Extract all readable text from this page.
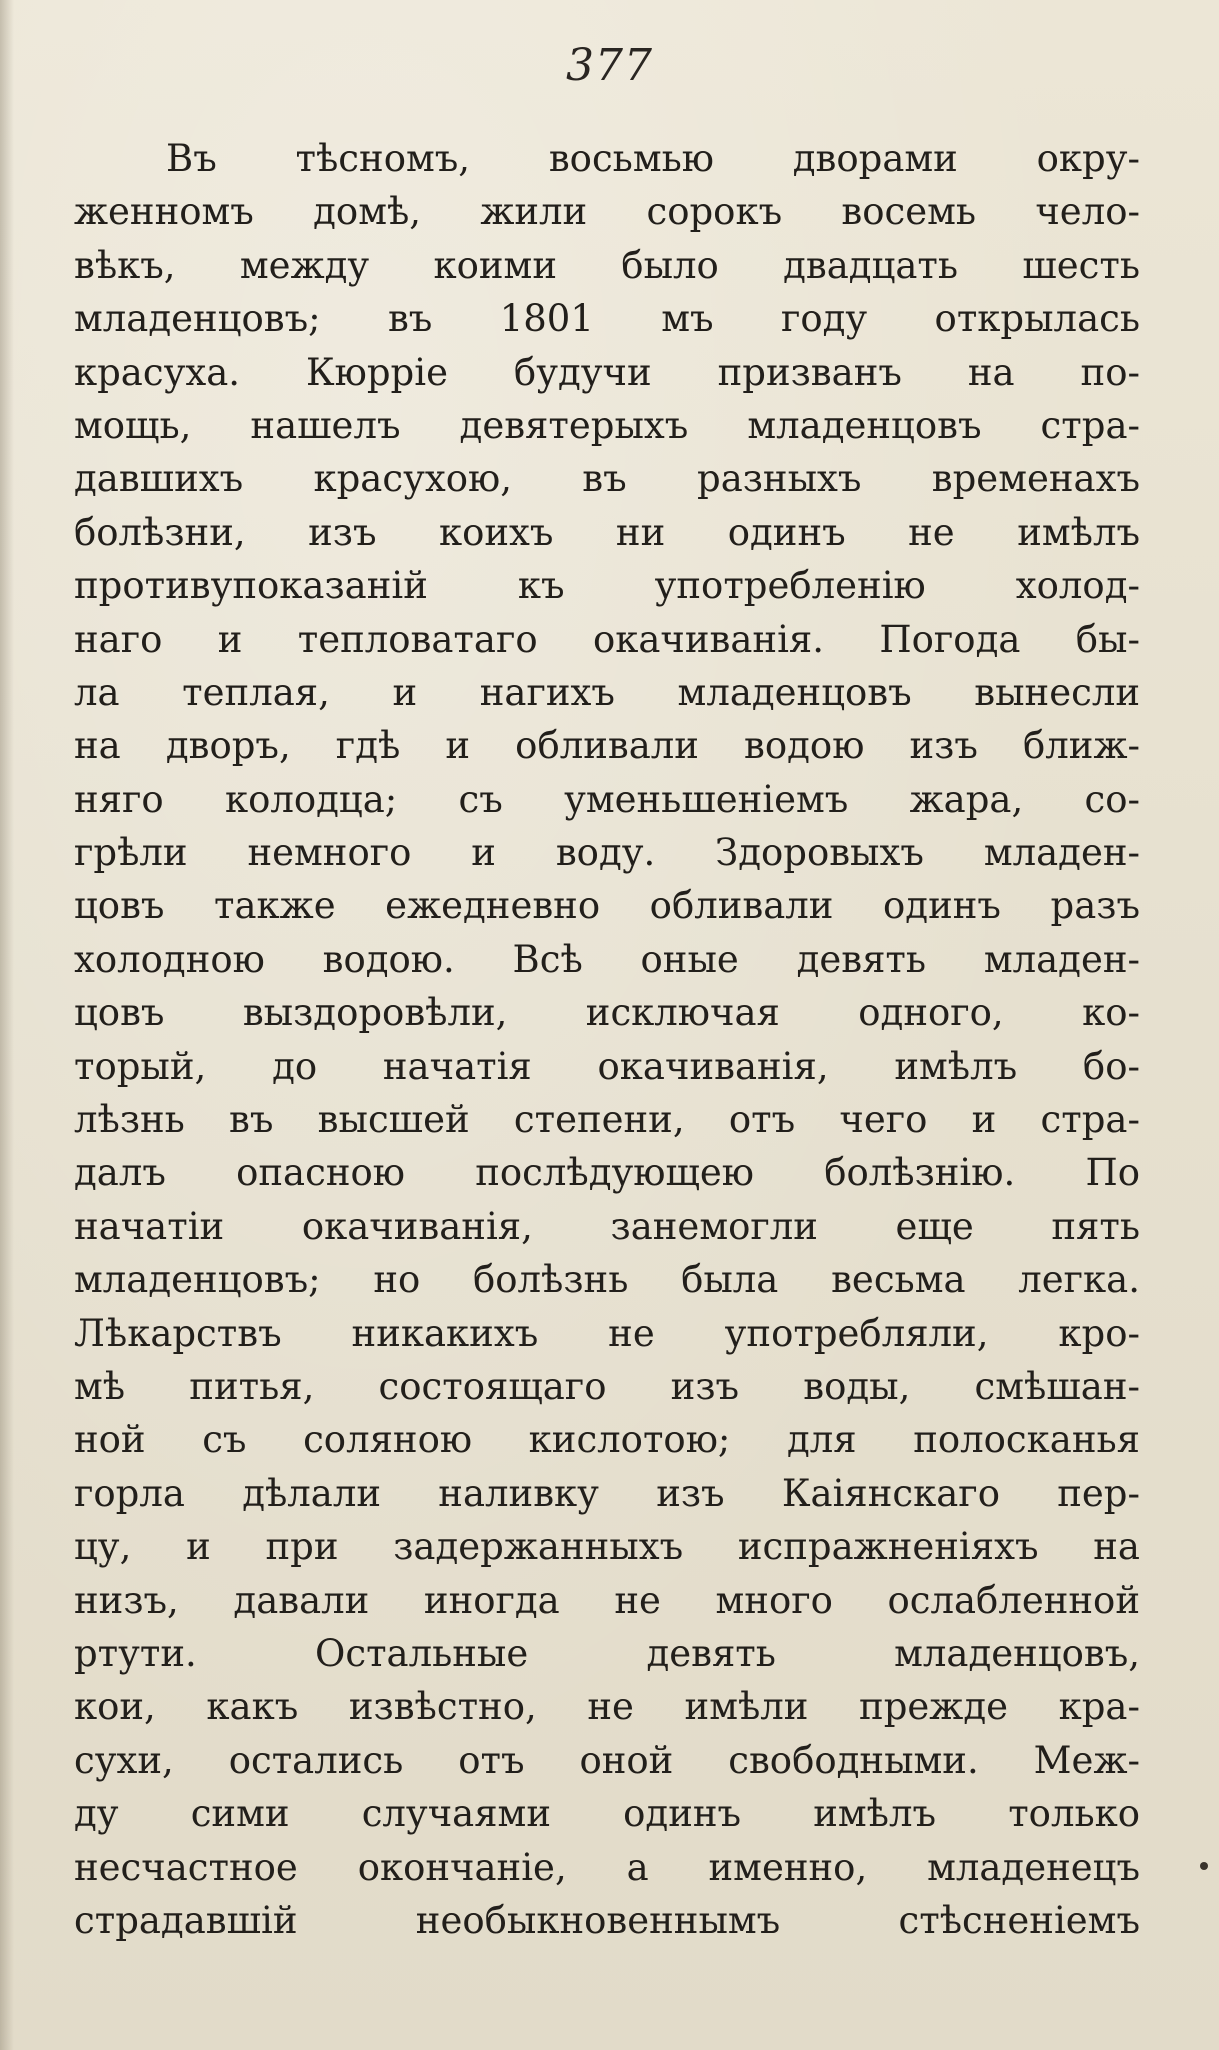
377
Въ тѣсномъ, восьмью дворами окру-
женномъ домѣ, жили сорокъ восемь чело-
вѣкъ, между коими было двадцать шесть
младенцовъ; въ 1801 мъ году открылась
красуха. Кюрріе будучи призванъ на по-
мощь, нашелъ девятерыхъ младенцовъ стра-
давшихъ красухою, въ разныхъ временахъ
болѣзни, изъ коихъ ни одинъ не имѣлъ
противупоказаній къ употребленію холод-
наго и тепловатаго окачиванія. Погода бы-
ла теплая, и нагихъ младенцовъ вынесли
на дворъ, гдѣ и обливали водою изъ ближ-
няго колодца; съ уменьшеніемъ жара, со-
грѣли немного и воду. Здоровыхъ младен-
цовъ также ежедневно обливали одинъ разъ
холодною водою. Всѣ оные девять младен-
цовъ выздоровѣли, исключая одного, ко-
торый, до начатія окачиванія, имѣлъ бо-
лѣзнь въ высшей степени, отъ чего и стра-
далъ опасною послѣдующею болѣзнію. По
начатіи окачиванія, занемогли еще пять
младенцовъ; но болѣзнь была весьма легка.
Лѣкарствъ никакихъ не употребляли, кро-
мѣ питья, состоящаго изъ воды, смѣшан-
ной съ соляною кислотою; для полосканья
горла дѣлали наливку изъ Каіянскаго пер-
цу, и при задержанныхъ испражненіяхъ на
низъ, давали иногда не много ослабленной
ртути. Остальные девять младенцовъ,
кои, какъ извѣстно, не имѣли прежде кра-
сухи, остались отъ оной свободными. Меж-
ду сими случаями одинъ имѣлъ только
несчастное окончаніе, а именно, младенецъ
страдавшій необыкновеннымъ стѣсненіемъ
